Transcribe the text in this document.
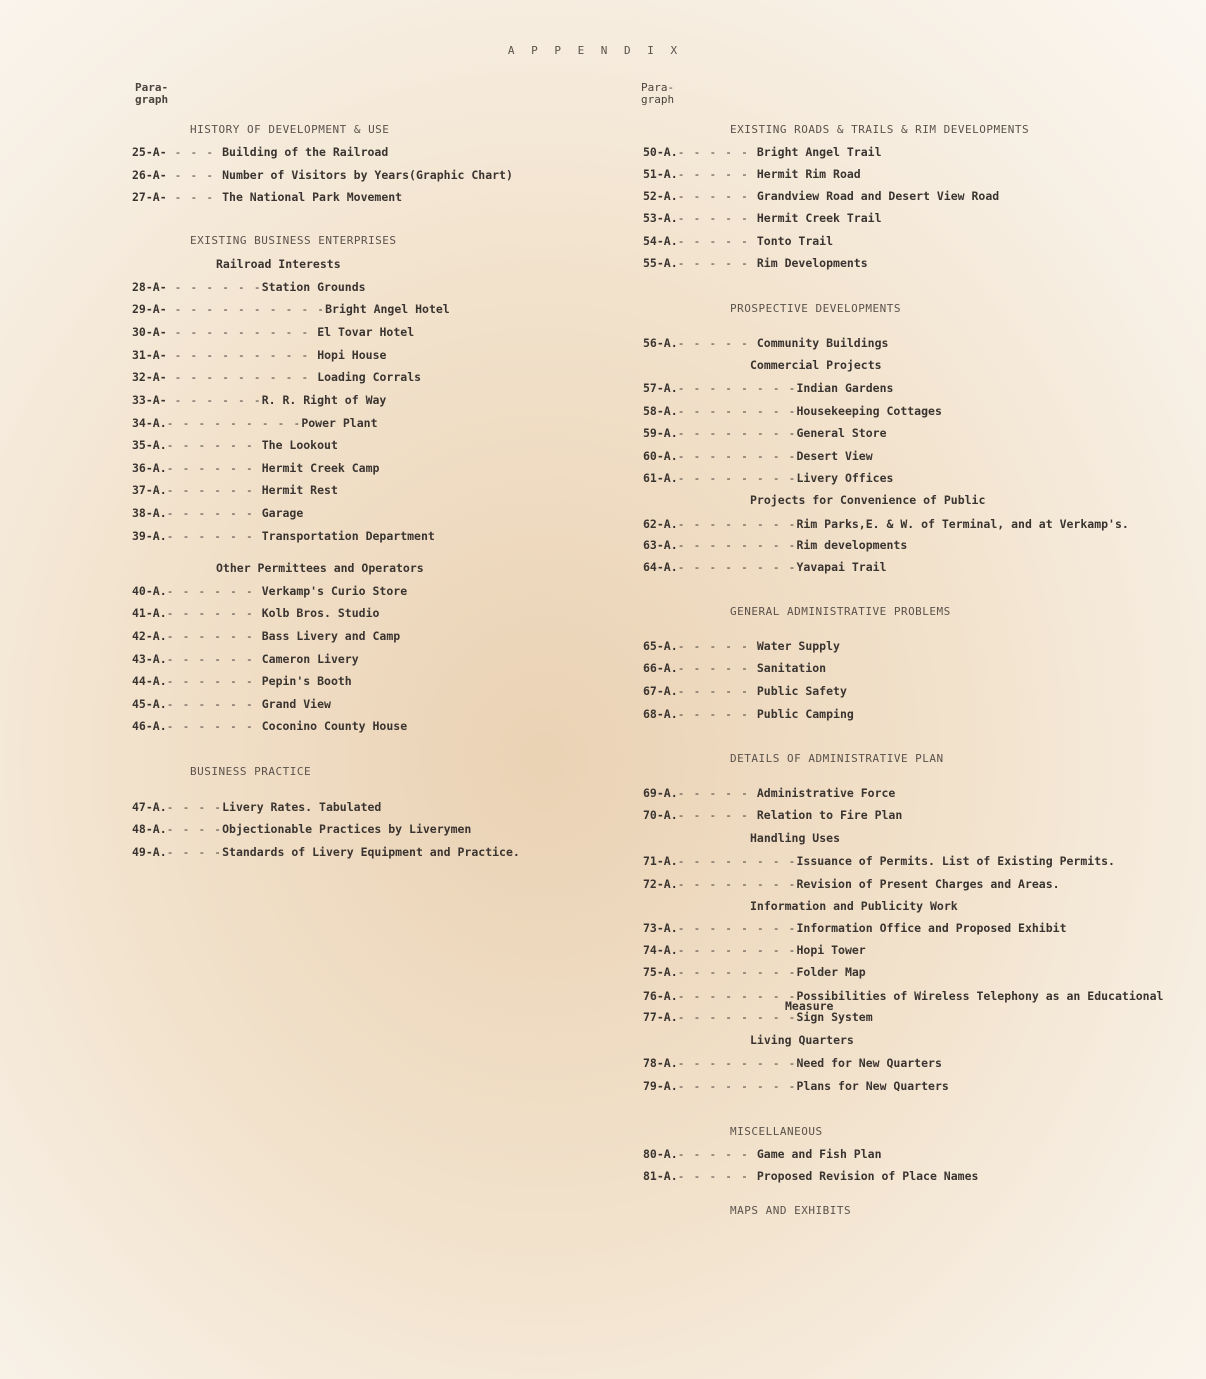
A P P E N D I X
Para-
graph
Para-
graph
HISTORY OF DEVELOPMENT & USE
25-A- - - - Building of the Railroad
26-A- - - - Number of Visitors by Years(Graphic Chart)
27-A- - - - The National Park Movement
EXISTING BUSINESS ENTERPRISES
Railroad Interests
28-A- - - - - - -Station Grounds
29-A- - - - - - - - - - -Bright Angel Hotel
30-A- - - - - - - - - - El Tovar Hotel
31-A- - - - - - - - - - Hopi House
32-A- - - - - - - - - - Loading Corrals
33-A- - - - - - -R. R. Right of Way
34-A.- - - - - - - - -Power Plant
35-A.- - - - - - The Lookout
36-A.- - - - - - Hermit Creek Camp
37-A.- - - - - - Hermit Rest
38-A.- - - - - - Garage
39-A.- - - - - - Transportation Department
Other Permittees and Operators
40-A.- - - - - - Verkamp's Curio Store
41-A.- - - - - - Kolb Bros. Studio
42-A.- - - - - - Bass Livery and Camp
43-A.- - - - - - Cameron Livery
44-A.- - - - - - Pepin's Booth
45-A.- - - - - - Grand View
46-A.- - - - - - Coconino County House
BUSINESS PRACTICE
47-A.- - - -Livery Rates. Tabulated
48-A.- - - -Objectionable Practices by Liverymen
49-A.- - - -Standards of Livery Equipment and Practice.
EXISTING ROADS & TRAILS & RIM DEVELOPMENTS
50-A.- - - - - Bright Angel Trail
51-A.- - - - - Hermit Rim Road
52-A.- - - - - Grandview Road and Desert View Road
53-A.- - - - - Hermit Creek Trail
54-A.- - - - - Tonto Trail
55-A.- - - - - Rim Developments
PROSPECTIVE DEVELOPMENTS
56-A.- - - - - Community Buildings
Commercial Projects
57-A.- - - - - - - -Indian Gardens
58-A.- - - - - - - -Housekeeping Cottages
59-A.- - - - - - - -General Store
60-A.- - - - - - - -Desert View
61-A.- - - - - - - -Livery Offices
Projects for Convenience of Public
62-A.- - - - - - - -Rim Parks,E. & W. of Terminal, and at Verkamp's.
63-A.- - - - - - - -Rim developments
64-A.- - - - - - - -Yavapai Trail
GENERAL ADMINISTRATIVE PROBLEMS
65-A.- - - - - Water Supply
66-A.- - - - - Sanitation
67-A.- - - - - Public Safety
68-A.- - - - - Public Camping
DETAILS OF ADMINISTRATIVE PLAN
69-A.- - - - - Administrative Force
70-A.- - - - - Relation to Fire Plan
Handling Uses
71-A.- - - - - - - -Issuance of Permits. List of Existing Permits.
72-A.- - - - - - - -Revision of Present Charges and Areas.
Information and Publicity Work
73-A.- - - - - - - -Information Office and Proposed Exhibit
74-A.- - - - - - - -Hopi Tower
75-A.- - - - - - - -Folder Map
76-A.- - - - - - - -Possibilities of Wireless Telephony as an Educational
Measure
77-A.- - - - - - - -Sign System
Living Quarters
78-A.- - - - - - - -Need for New Quarters
79-A.- - - - - - - -Plans for New Quarters
MISCELLANEOUS
80-A.- - - - - Game and Fish Plan
81-A.- - - - - Proposed Revision of Place Names
MAPS AND EXHIBITS
